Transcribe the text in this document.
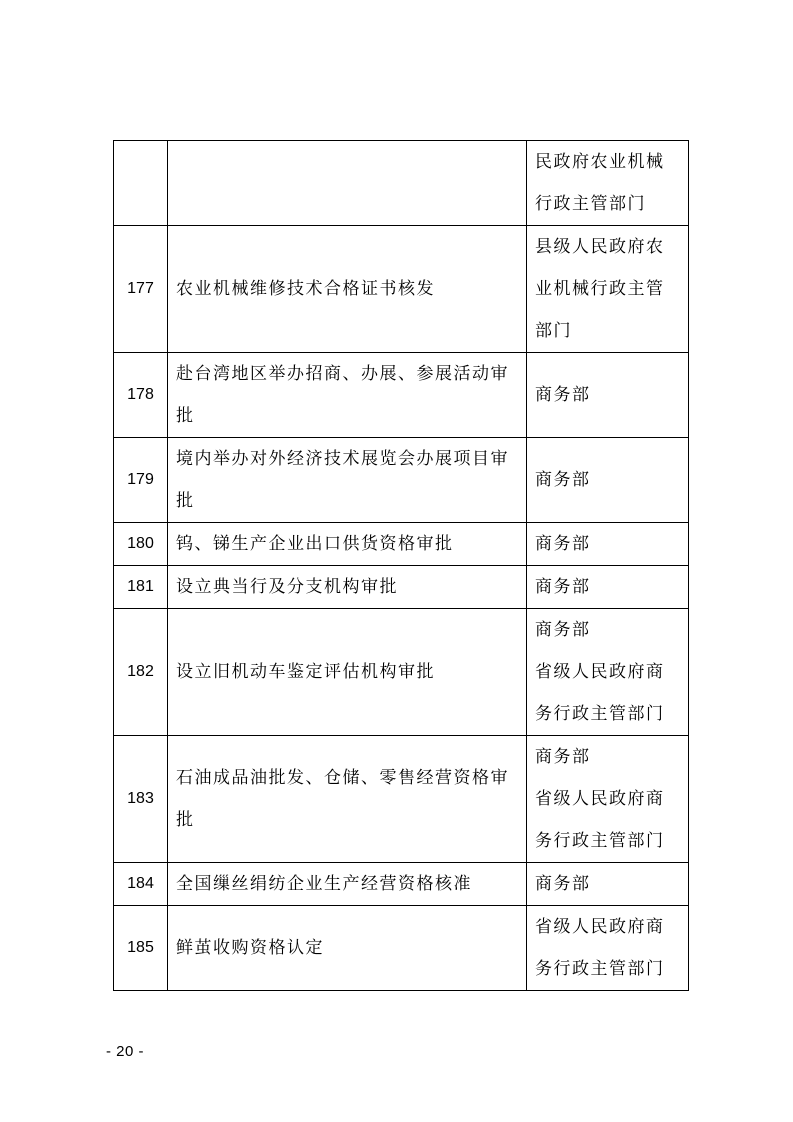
		民政府农业机械
行政主管部门

177	农业机械维修技术合格证书核发	县级人民政府农
业机械行政主管
部门

178	赴台湾地区举办招商、办展、参展活动审批	商务部

179	境内举办对外经济技术展览会办展项目审批	商务部

180	钨、锑生产企业出口供货资格审批	商务部

181	设立典当行及分支机构审批	商务部

182	设立旧机动车鉴定评估机构审批	商务部
省级人民政府商
务行政主管部门

183	石油成品油批发、仓储、零售经营资格审批	商务部
省级人民政府商
务行政主管部门

184	全国缫丝绢纺企业生产经营资格核准	商务部

185	鲜茧收购资格认定	省级人民政府商
务行政主管部门
- 20 -
